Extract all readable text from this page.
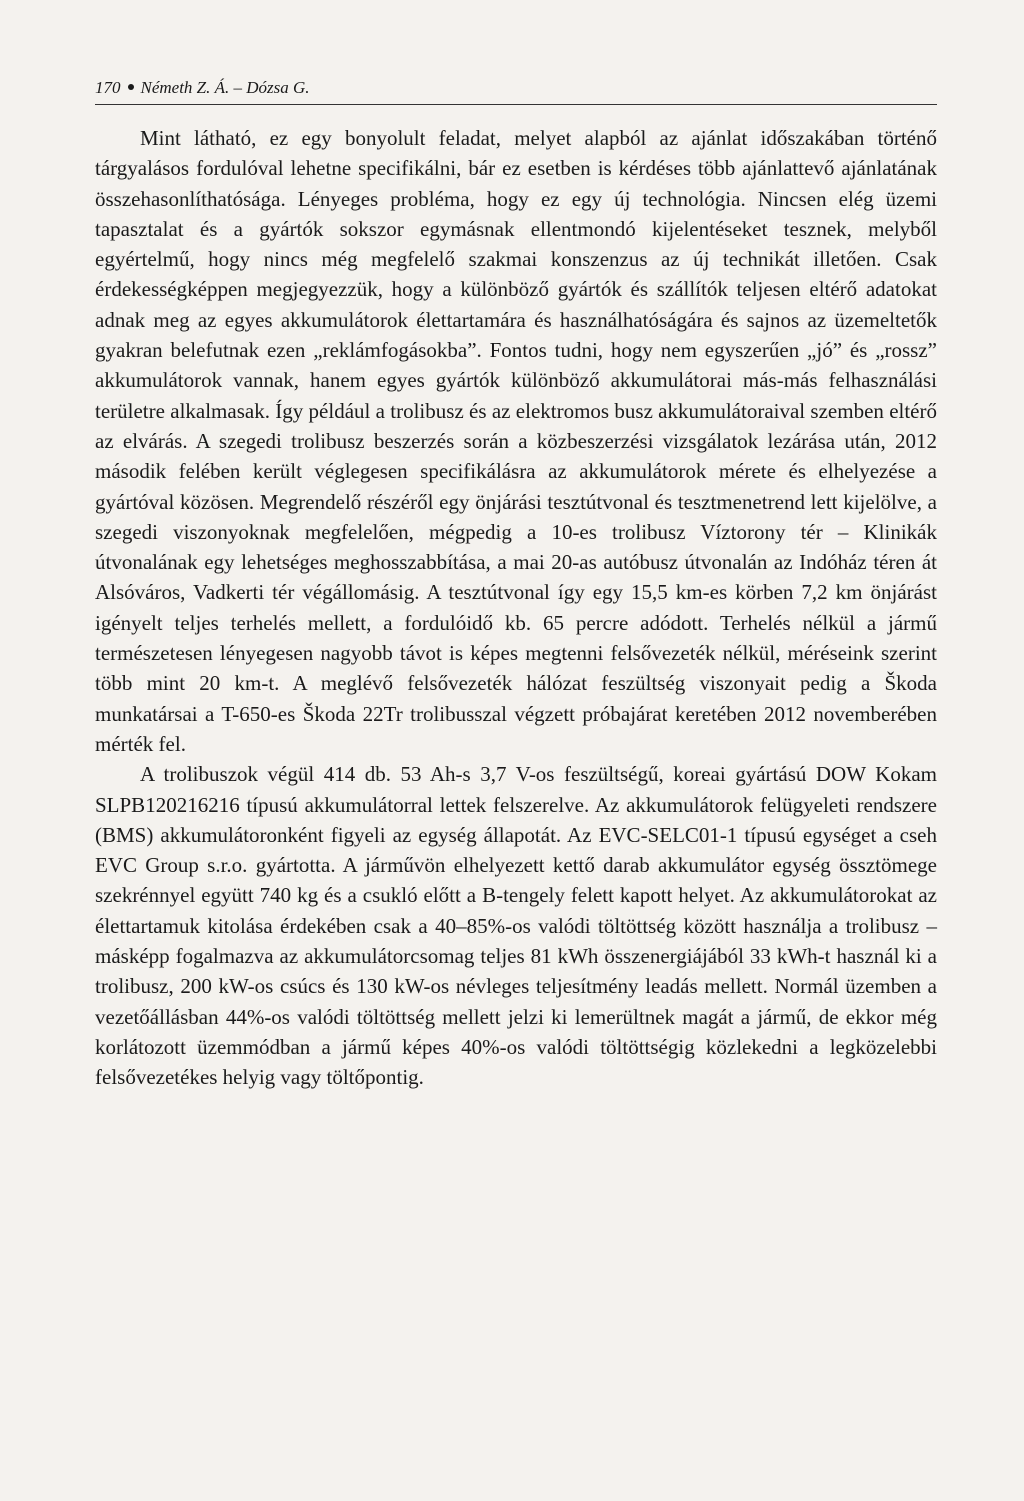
170 Németh Z. Á. – Dózsa G.

Mint látható, ez egy bonyolult feladat, melyet alapból az ajánlat időszakában történő tárgyalásos fordulóval lehetne specifikálni, bár ez esetben is kérdéses több ajánlattevő ajánlatának összehasonlíthatósága. Lényeges probléma, hogy ez egy új technológia. Nincsen elég üzemi tapasztalat és a gyártók sokszor egymásnak ellentmondó kijelentéseket tesznek, melyből egyértelmű, hogy nincs még megfelelő szakmai konszenzus az új technikát illetően. Csak érdekességképpen megjegyezzük, hogy a különböző gyártók és szállítók teljesen eltérő adatokat adnak meg az egyes akkumulátorok élettartamára és használhatóságára és sajnos az üzemeltetők gyakran belefutnak ezen „reklámfogásokba”. Fontos tudni, hogy nem egyszerűen „jó” és „rossz” akkumulátorok vannak, hanem egyes gyártók különböző akkumulátorai más-más felhasználási területre alkalmasak. Így például a trolibusz és az elektromos busz akkumulátoraival szemben eltérő az elvárás. A szegedi trolibusz beszerzés során a közbeszerzési vizsgálatok lezárása után, 2012 második felében került véglegesen specifikálásra az akkumulátorok mérete és elhelyezése a gyártóval közösen. Megrendelő részéről egy önjárási tesztútvonal és tesztmenetrend lett kijelölve, a szegedi viszonyoknak megfelelően, mégpedig a 10-es trolibusz Víztorony tér – Klinikák útvonalának egy lehetséges meghosszabbítása, a mai 20-as autóbusz útvonalán az Indóház téren át Alsóváros, Vadkerti tér végállomásig. A tesztútvonal így egy 15,5 km-es körben 7,2 km önjárást igényelt teljes terhelés mellett, a fordulóidő kb. 65 percre adódott. Terhelés nélkül a jármű természetesen lényegesen nagyobb távot is képes megtenni felsővezeték nélkül, méréseink szerint több mint 20 km-t. A meglévő felsővezeték hálózat feszültség viszonyait pedig a Škoda munkatársai a T-650-es Škoda 22Tr trolibusszal végzett próbajárat keretében 2012 novemberében mérték fel.

A trolibuszok végül 414 db. 53 Ah-s 3,7 V-os feszültségű, koreai gyártású DOW Kokam SLPB120216216 típusú akkumulátorral lettek felszerelve. Az akkumulátorok felügyeleti rendszere (BMS) akkumulátoronként figyeli az egység állapotát. Az EVC-SELC01-1 típusú egységet a cseh EVC Group s.r.o. gyártotta. A járművön elhelyezett kettő darab akkumulátor egység össztömege szekrénnyel együtt 740 kg és a csukló előtt a B-tengely felett kapott helyet. Az akkumulátorokat az élettartamuk kitolása érdekében csak a 40–85%-os valódi töltöttség között használja a trolibusz – másképp fogalmazva az akkumulátorcsomag teljes 81 kWh összenergiájából 33 kWh-t használ ki a trolibusz, 200 kW-os csúcs és 130 kW-os névleges teljesítmény leadás mellett. Normál üzemben a vezetőállásban 44%-os valódi töltöttség mellett jelzi ki lemerültnek magát a jármű, de ekkor még korlátozott üzemmódban a jármű képes 40%-os valódi töltöttségig közlekedni a legközelebbi felsővezetékes helyig vagy töltőpontig.
